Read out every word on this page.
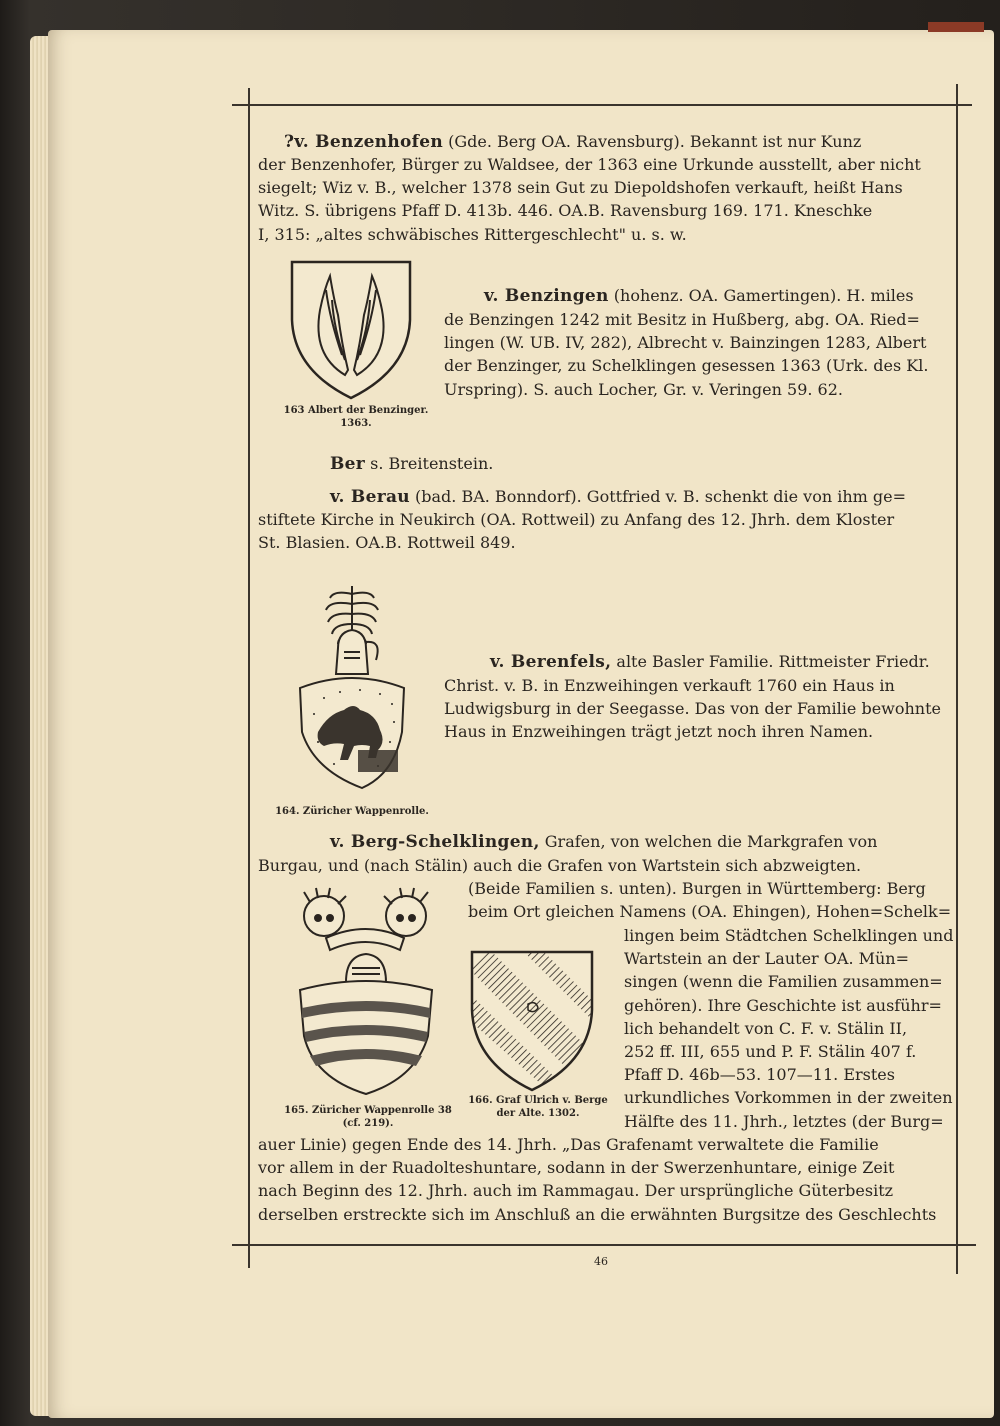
?v. Benzenhofen (Gde. Berg OA. Ravensburg). Bekannt ist nur Kunz

der Benzenhofer, Bürger zu Waldsee, der 1363 eine Urkunde ausstellt, aber nicht
siegelt; Wiz v. B., welcher 1378 sein Gut zu Diepoldshofen verkauft, heißt Hans
Witz. S. übrigens Pfaff D. 413b. 446. OA.B. Ravensburg 169. 171. Kneschke
I, 315: „altes schwäbisches Rittergeschlecht" u. s. w.
163 Albert der Benzinger.
1363.
v. Benzingen (hohenz. OA. Gamertingen). H. miles
de Benzingen 1242 mit Besitz in Hußberg, abg. OA. Ried=
lingen (W. UB. IV, 282), Albrecht v. Bainzingen 1283, Albert
der Benzinger, zu Schelklingen gesessen 1363 (Urk. des Kl.
Urspring). S. auch Locher, Gr. v. Veringen 59. 62.
Ber s. Breitenstein.
v. Berau (bad. BA. Bonndorf). Gottfried v. B. schenkt die von ihm ge=
stiftete Kirche in Neukirch (OA. Rottweil) zu Anfang des 12. Jhrh. dem Kloster
St. Blasien. OA.B. Rottweil 849.
164. Züricher Wappenrolle.
v. Berenfels, alte Basler Familie. Rittmeister Friedr.
Christ. v. B. in Enzweihingen verkauft 1760 ein Haus in
Ludwigsburg in der Seegasse. Das von der Familie bewohnte
Haus in Enzweihingen trägt jetzt noch ihren Namen.
v. Berg-Schelklingen, Grafen, von welchen die Markgrafen von
Burgau, und (nach Stälin) auch die Grafen von Wartstein sich abzweigten.
(Beide Familien s. unten). Burgen in Württemberg: Berg
beim Ort gleichen Namens (OA. Ehingen), Hohen=Schelk=
lingen beim Städtchen Schelklingen und
Wartstein an der Lauter OA. Mün=
singen (wenn die Familien zusammen=
gehören). Ihre Geschichte ist ausführ=
lich behandelt von C. F. v. Stälin II,
252 ff. III, 655 und P. F. Stälin 407 f.
Pfaff D. 46b—53. 107—11. Erstes
urkundliches Vorkommen in der zweiten
Hälfte des 11. Jhrh., letztes (der Burg=
auer Linie) gegen Ende des 14. Jhrh. „Das Grafenamt verwaltete die Familie
vor allem in der Ruadolteshuntare, sodann in der Swerzenhuntare, einige Zeit
nach Beginn des 12. Jhrh. auch im Rammagau. Der ursprüngliche Güterbesitz
derselben erstreckte sich im Anschluß an die erwähnten Burgsitze des Geschlechts
165. Züricher Wappenrolle 38
(cf. 219).
166. Graf Ulrich v. Berge
der Alte. 1302.
46
